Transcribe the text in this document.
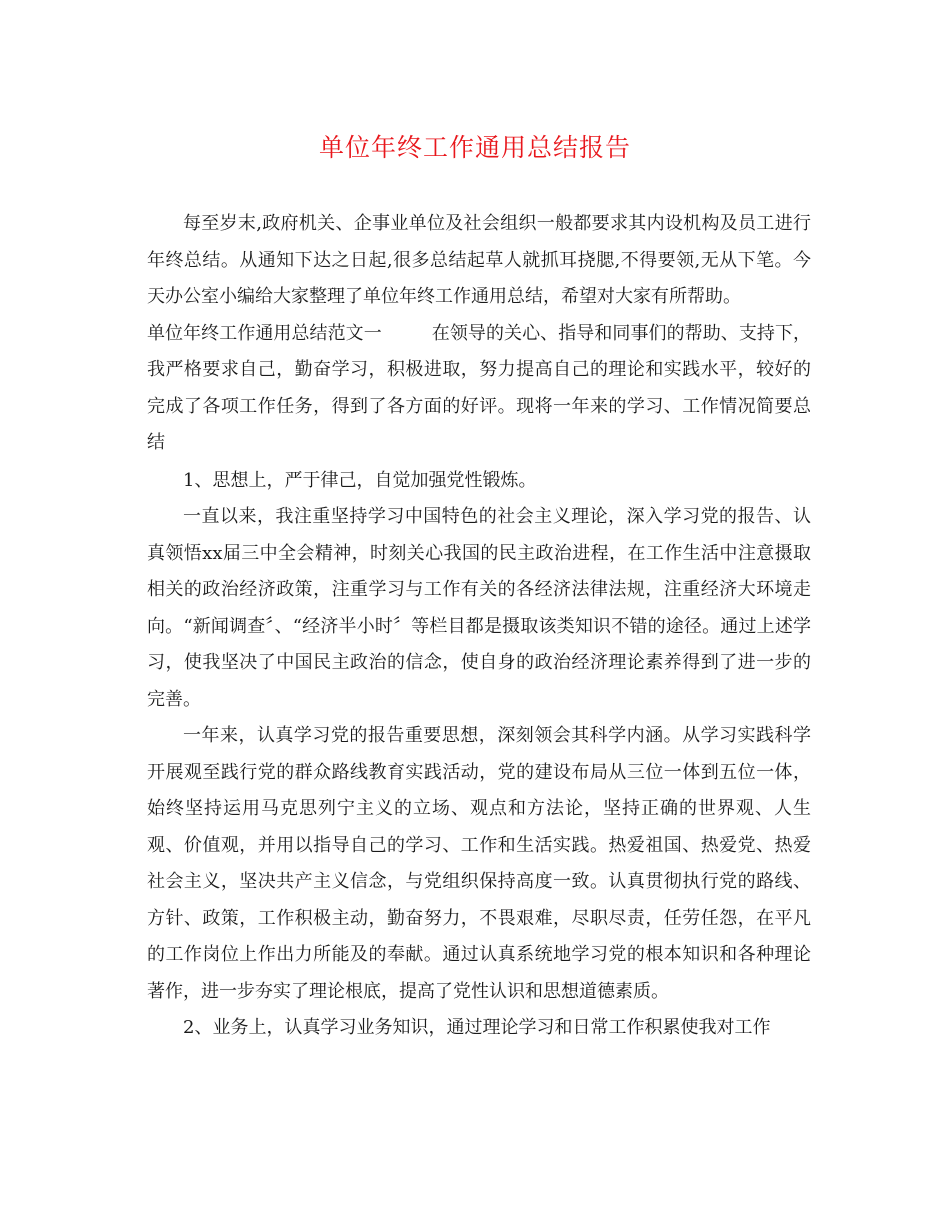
单位年终工作通用总结报告

每至岁末,政府机关、企事业单位及社会组织一般都要求其内设机构及员工进行年终总结。从通知下达之日起,很多总结起草人就抓耳挠腮,不得要领,无从下笔。今天办公室小编给大家整理了单位年终工作通用总结，希望对大家有所帮助。

单位年终工作通用总结范文一	在领导的关心、指导和同事们的帮助、支持下，我严格要求自己，勤奋学习，积极进取，努力提高自己的理论和实践水平，较好的完成了各项工作任务，得到了各方面的好评。现将一年来的学习、工作情况简要总结

1、思想上，严于律己，自觉加强党性锻炼。

一直以来，我注重坚持学习中国特色的社会主义理论，深入学习党的报告、认真领悟xx届三中全会精神，时刻关心我国的民主政治进程，在工作生活中注意摄取相关的政治经济政策，注重学习与工作有关的各经济法律法规，注重经济大环境走向。“新闻调查〞、“经济半小时〞等栏目都是摄取该类知识不错的途径。通过上述学习，使我坚决了中国民主政治的信念，使自身的政治经济理论素养得到了进一步的完善。

一年来，认真学习党的报告重要思想，深刻领会其科学内涵。从学习实践科学开展观至践行党的群众路线教育实践活动，党的建设布局从三位一体到五位一体，始终坚持运用马克思列宁主义的立场、观点和方法论，坚持正确的世界观、人生观、价值观，并用以指导自己的学习、工作和生活实践。热爱祖国、热爱党、热爱社会主义，坚决共产主义信念，与党组织保持高度一致。认真贯彻执行党的路线、方针、政策，工作积极主动，勤奋努力，不畏艰难，尽职尽责，任劳任怨，在平凡的工作岗位上作出力所能及的奉献。通过认真系统地学习党的根本知识和各种理论著作，进一步夯实了理论根底，提高了党性认识和思想道德素质。

2、业务上，认真学习业务知识，通过理论学习和日常工作积累使我对工作
